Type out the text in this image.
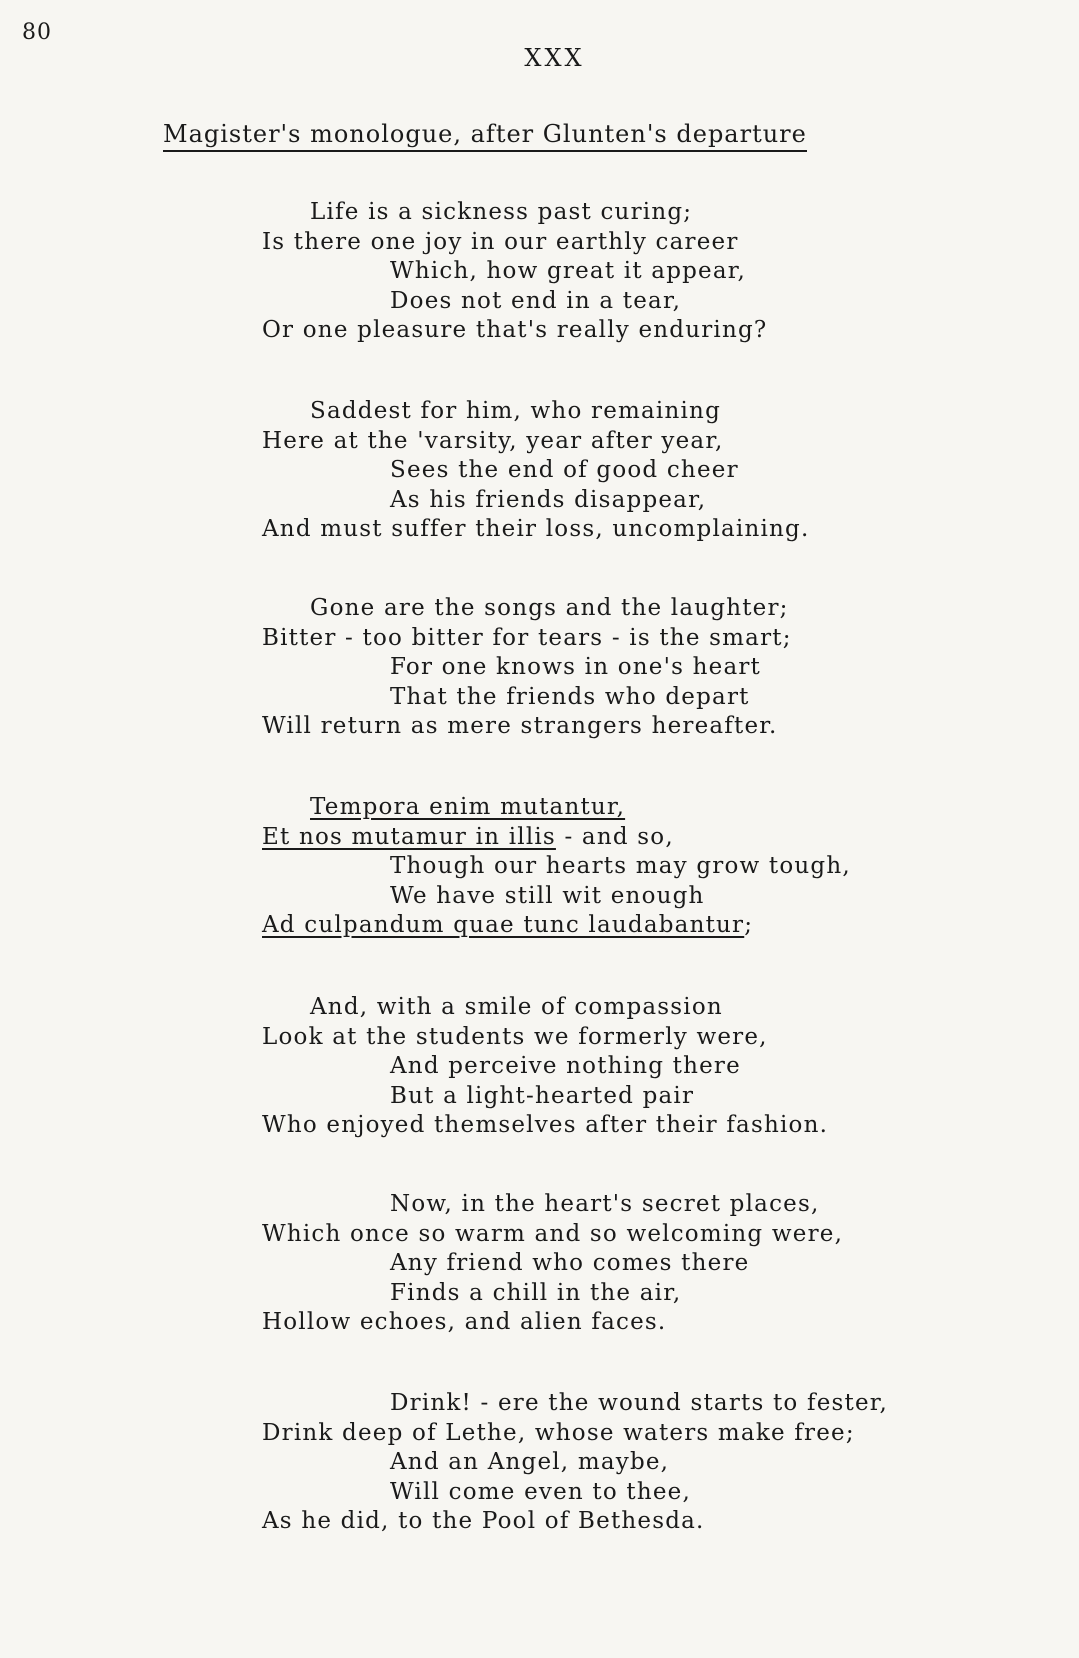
80
XXX
Magister's monologue, after Glunten's departure
Life is a sickness past curing;
Is there one joy in our earthly career
Which, how great it appear,
Does not end in a tear,
Or one pleasure that's really enduring?
Saddest for him, who remaining
Here at the 'varsity, year after year,
Sees the end of good cheer
As his friends disappear,
And must suffer their loss, uncomplaining.
Gone are the songs and the laughter;
Bitter - too bitter for tears - is the smart;
For one knows in one's heart
That the friends who depart
Will return as mere strangers hereafter.
Tempora enim mutantur,
Et nos mutamur in illis - and so,
Though our hearts may grow tough,
We have still wit enough
Ad culpandum quae tunc laudabantur;
And, with a smile of compassion
Look at the students we formerly were,
And perceive nothing there
But a light-hearted pair
Who enjoyed themselves after their fashion.
Now, in the heart's secret places,
Which once so warm and so welcoming were,
Any friend who comes there
Finds a chill in the air,
Hollow echoes, and alien faces.
Drink! - ere the wound starts to fester,
Drink deep of Lethe, whose waters make free;
And an Angel, maybe,
Will come even to thee,
As he did, to the Pool of Bethesda.
